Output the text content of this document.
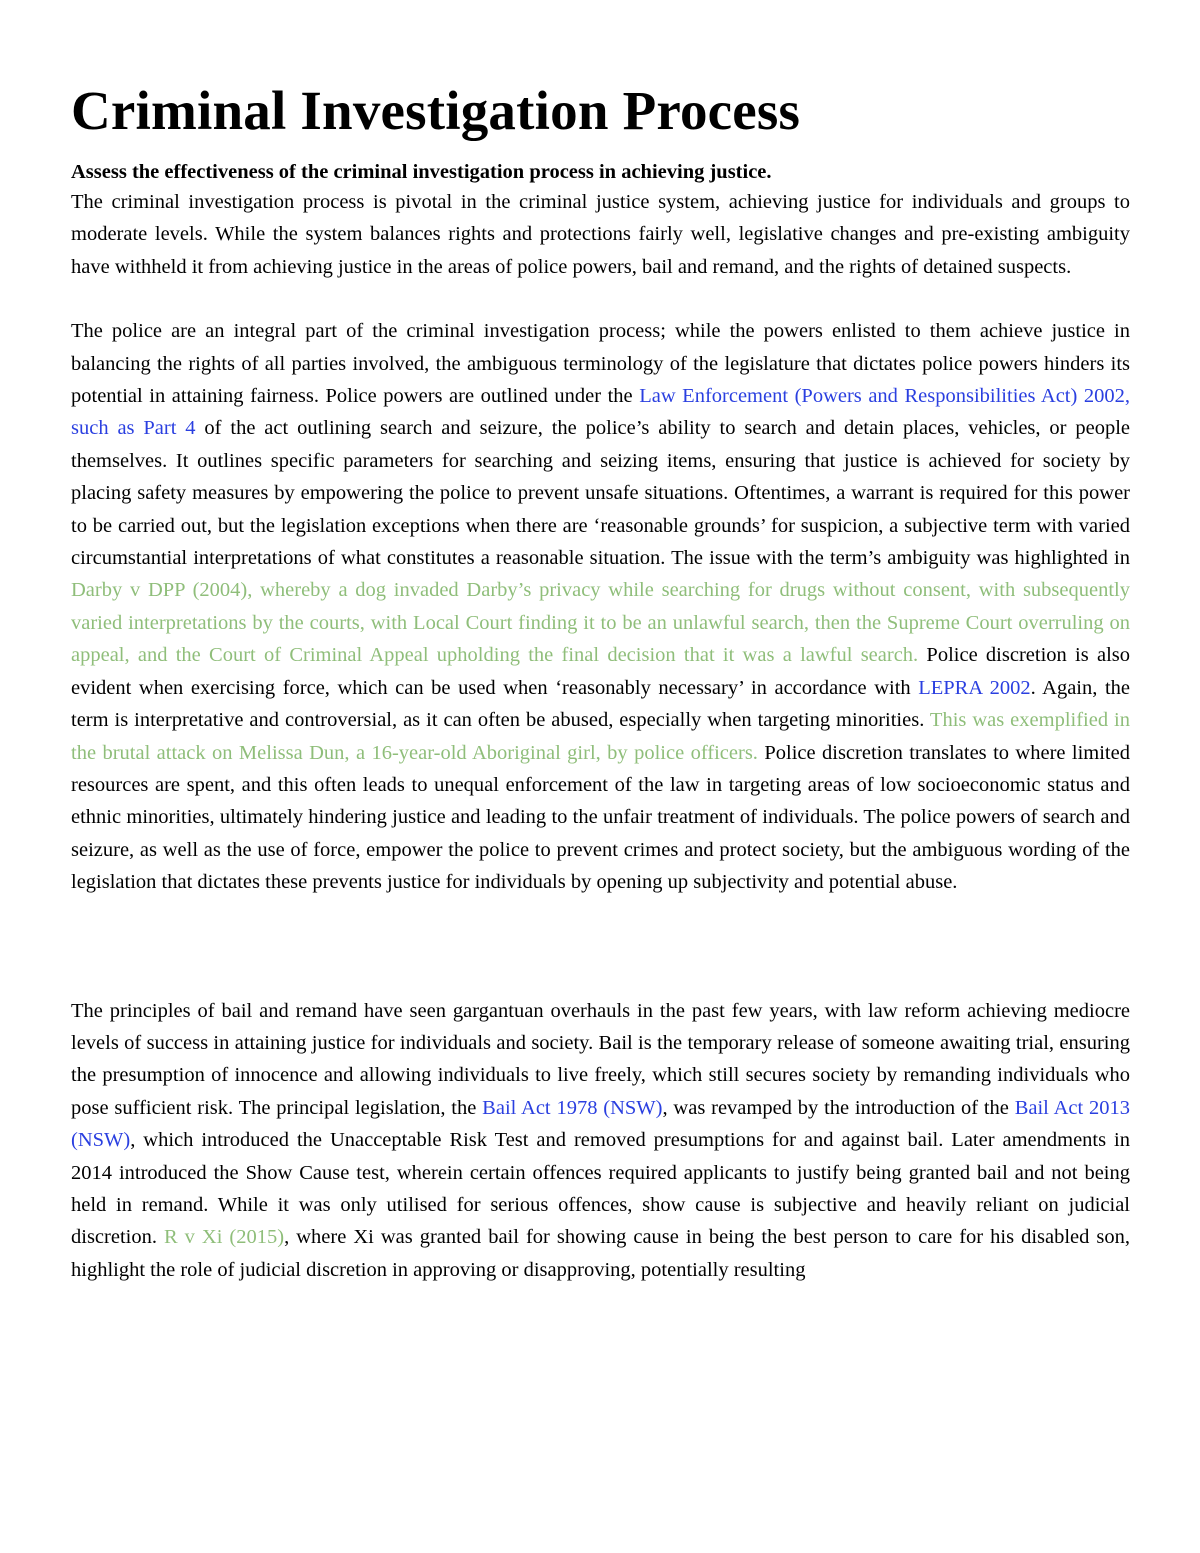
Criminal Investigation Process

Assess the effectiveness of the criminal investigation process in achieving justice.

The criminal investigation process is pivotal in the criminal justice system, achieving justice for individuals and groups to moderate levels. While the system balances rights and protections fairly well, legislative changes and pre-existing ambiguity have withheld it from achieving justice in the areas of police powers, bail and remand, and the rights of detained suspects.

The police are an integral part of the criminal investigation process; while the powers enlisted to them achieve justice in balancing the rights of all parties involved, the ambiguous terminology of the legislature that dictates police powers hinders its potential in attaining fairness. Police powers are outlined under the Law Enforcement (Powers and Responsibilities Act) 2002, such as Part 4 of the act outlining search and seizure, the police’s ability to search and detain places, vehicles, or people themselves. It outlines specific parameters for searching and seizing items, ensuring that justice is achieved for society by placing safety measures by empowering the police to prevent unsafe situations. Oftentimes, a warrant is required for this power to be carried out, but the legislation exceptions when there are ‘reasonable grounds’ for suspicion, a subjective term with varied circumstantial interpretations of what constitutes a reasonable situation. The issue with the term’s ambiguity was highlighted in Darby v DPP (2004), whereby a dog invaded Darby’s privacy while searching for drugs without consent, with subsequently varied interpretations by the courts, with Local Court finding it to be an unlawful search, then the Supreme Court overruling on appeal, and the Court of Criminal Appeal upholding the final decision that it was a lawful search. Police discretion is also evident when exercising force, which can be used when ‘reasonably necessary’ in accordance with LEPRA 2002. Again, the term is interpretative and controversial, as it can often be abused, especially when targeting minorities. This was exemplified in the brutal attack on Melissa Dun, a 16-year-old Aboriginal girl, by police officers. Police discretion translates to where limited resources are spent, and this often leads to unequal enforcement of the law in targeting areas of low socioeconomic status and ethnic minorities, ultimately hindering justice and leading to the unfair treatment of individuals. The police powers of search and seizure, as well as the use of force, empower the police to prevent crimes and protect society, but the ambiguous wording of the legislation that dictates these prevents justice for individuals by opening up subjectivity and potential abuse.

The principles of bail and remand have seen gargantuan overhauls in the past few years, with law reform achieving mediocre levels of success in attaining justice for individuals and society. Bail is the temporary release of someone awaiting trial, ensuring the presumption of innocence and allowing individuals to live freely, which still secures society by remanding individuals who pose sufficient risk. The principal legislation, the Bail Act 1978 (NSW), was revamped by the introduction of the Bail Act 2013 (NSW), which introduced the Unacceptable Risk Test and removed presumptions for and against bail. Later amendments in 2014 introduced the Show Cause test, wherein certain offences required applicants to justify being granted bail and not being held in remand. While it was only utilised for serious offences, show cause is subjective and heavily reliant on judicial discretion. R v Xi (2015), where Xi was granted bail for showing cause in being the best person to care for his disabled son, highlight the role of judicial discretion in approving or disapproving, potentially resulting
